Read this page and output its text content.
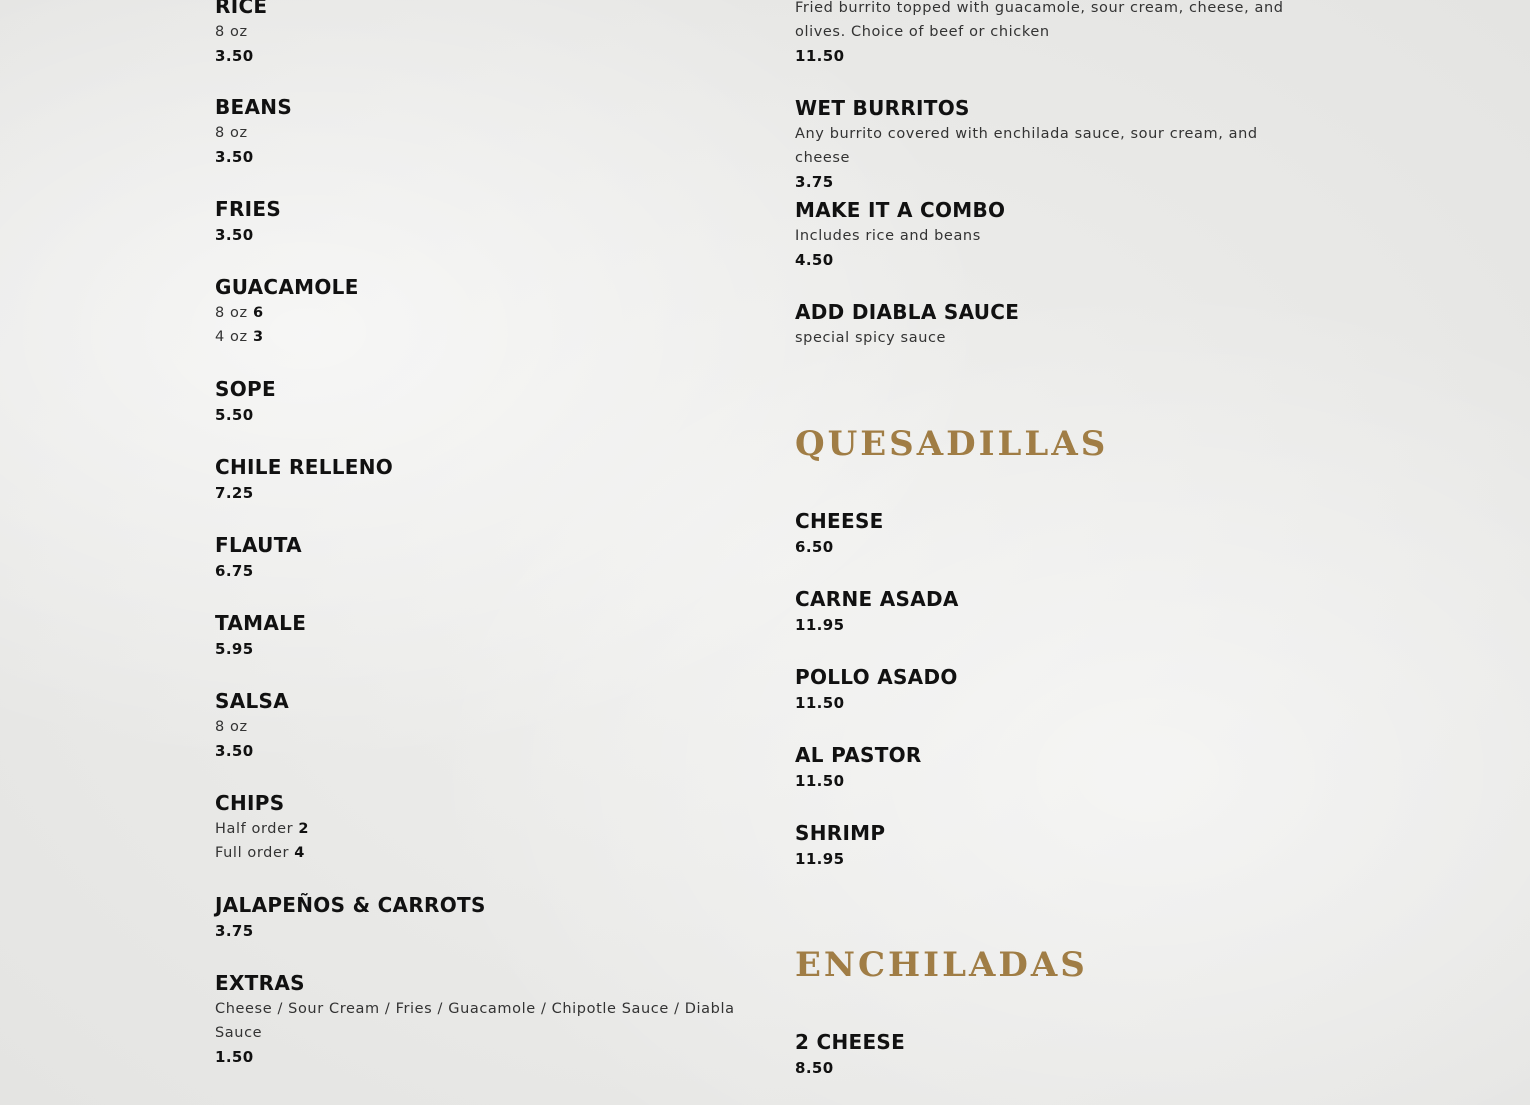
RICE
8 oz
3.50
BEANS
8 oz
3.50
FRIES
3.50
GUACAMOLE
8 oz 6
4 oz 3
SOPE
5.50
CHILE RELLENO
7.25
FLAUTA
6.75
TAMALE
5.95
SALSA
8 oz
3.50
CHIPS
Half order 2
Full order 4
JALAPEÑOS & CARROTS
3.75
EXTRAS
Cheese / Sour Cream / Fries / Guacamole / Chipotle Sauce / Diabla Sauce
1.50
Fried burrito topped with guacamole, sour cream, cheese, and olives. Choice of beef or chicken
11.50
WET BURRITOS
Any burrito covered with enchilada sauce, sour cream, and cheese
3.75
MAKE IT A COMBO
Includes rice and beans
4.50
ADD DIABLA SAUCE
special spicy sauce
QUESADILLAS
CHEESE
6.50
CARNE ASADA
11.95
POLLO ASADO
11.50
AL PASTOR
11.50
SHRIMP
11.95
ENCHILADAS
2 CHEESE
8.50
